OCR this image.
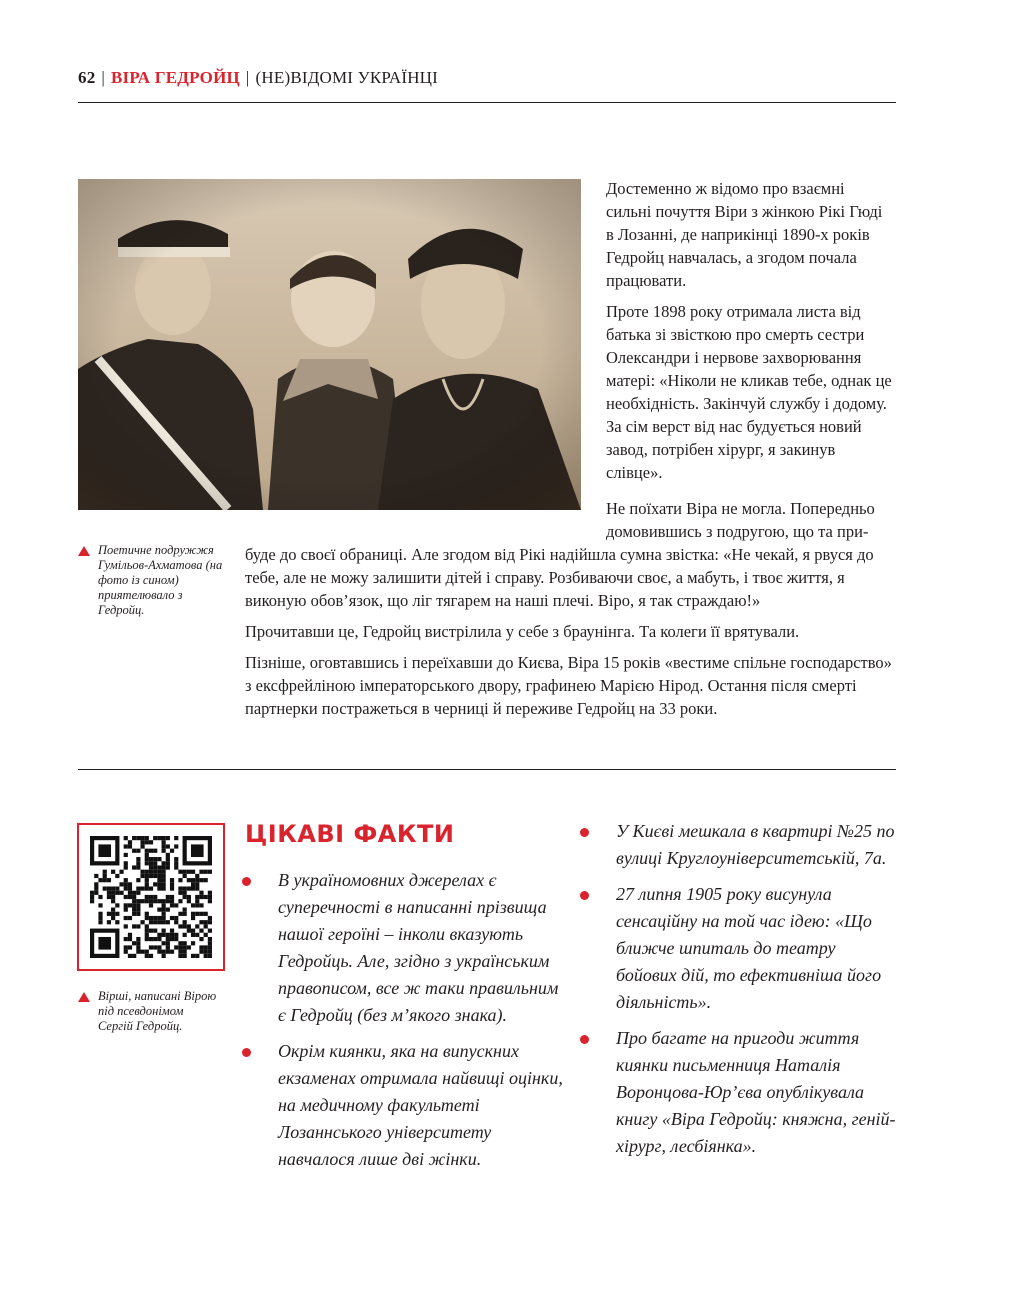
62 | ВІРА ГЕДРОЙЦ | (НЕ)ВІДОМІ УКРАЇНЦІ

Достеменно ж відомо про взаємні сильні почуття Віри з жінкою Рікі Гюді в Лозанні, де наприкінці 1890-х років Гедройц навчалась, а згодом почала працювати.

Проте 1898 року отримала листа від батька зі звісткою про смерть сестри Олександри і нервове захворювання матері: «Ніколи не кликав тебе, однак це необхідність. Закінчуй службу і додому. За сім верст від нас будується новий завод, потрібен хірург, я закинув слівце».

Не поїхати Віра не могла. Попередньо домовившись з подругою, що та при-
Поетичне подружжя Гумільов-Ахматова (на фото із сином) приятелювало з Гедройц.

буде до своєї обраниці. Але згодом від Рікі надійшла сумна звістка: «Не чекай, я рвуся до тебе, але не можу залишити дітей і справу. Розбиваючи своє, а мабуть, і твоє життя, я виконую обов’язок, що ліг тягарем на наші плечі. Віро, я так страждаю!»

Прочитавши це, Гедройц вистрілила у себе з браунінга. Та колеги її врятували.

Пізніше, оговтавшись і переїхавши до Києва, Віра 15 років «вестиме спільне господарство» з ексфрейліною імператорського двору, графинею Марією Нірод. Остання після смерті партнерки постражеться в черниці й переживе Гедройц на 33 роки.

Вірші, написані Вірою під псевдонімом Сергій Гедройц.
ЦІКАВІ ФАКТИ
В україномовних джерелах є суперечності в написанні прізвища нашої героїні – інколи вказують Гедройць. Але, згідно з українським правописом, все ж таки правильним є Гедройц (без м’якого знака).
Окрім киянки, яка на випускних екзаменах отримала найвищі оцінки, на медичному факультеті Лозаннського університету навчалося лише дві жінки.
У Києві мешкала в квартирі №25 по вулиці Круглоуніверситетській, 7а.
27 липня 1905 року висунула сенсаційну на той час ідею: «Що ближче шпиталь до театру бойових дій, то ефективніша його діяльність».
Про багате на пригоди життя киянки письменниця Наталія Воронцова-Юр’єва опублікувала книгу «Віра Гедройц: княжна, геній-хірург, лесбіянка».
